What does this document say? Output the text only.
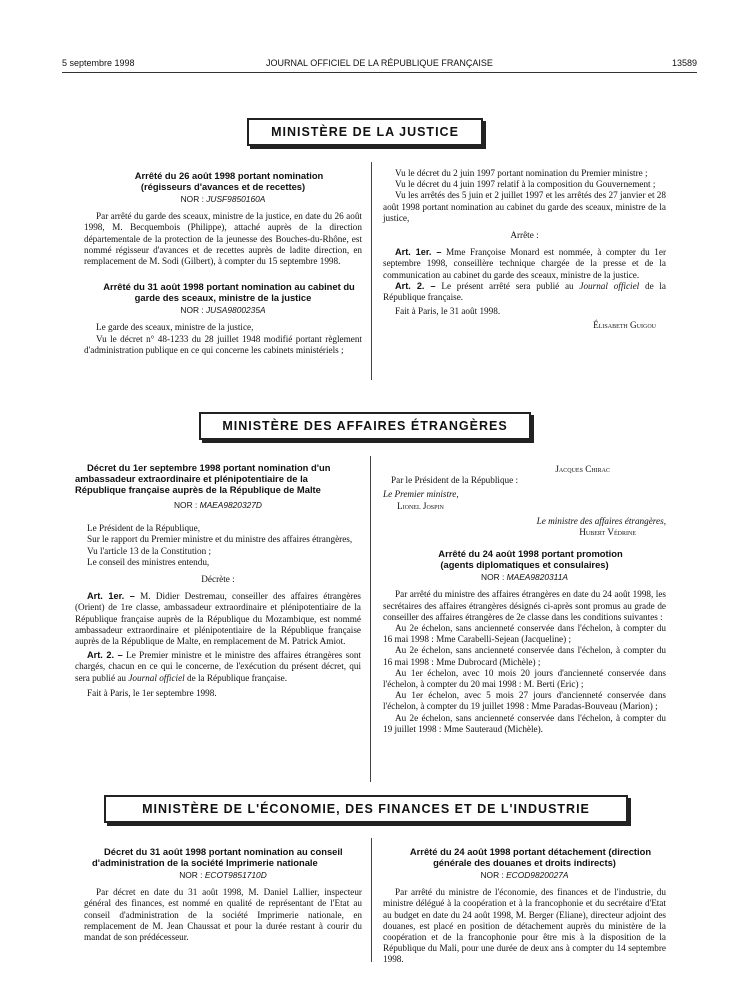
5 septembre 1998	JOURNAL OFFICIEL DE LA RÉPUBLIQUE FRANÇAISE	13589
MINISTÈRE DE LA JUSTICE

Arrêté du 26 août 1998 portant nomination (régisseurs d'avances et de recettes)

NOR : JUSF9850160A

Par arrêté du garde des sceaux, ministre de la justice, en date du 26 août 1998, M. Becquembois (Philippe), attaché auprès de la direction départementale de la protection de la jeunesse des Bouches-du-Rhône, est nommé régisseur d'avances et de recettes auprès de ladite direction, en remplacement de M. Sodi (Gilbert), à compter du 15 septembre 1998.

Arrêté du 31 août 1998 portant nomination au cabinet du garde des sceaux, ministre de la justice

NOR : JUSA9800235A

Le garde des sceaux, ministre de la justice,

Vu le décret n° 48-1233 du 28 juillet 1948 modifié portant règlement d'administration publique en ce qui concerne les cabinets ministériels ;

Vu le décret du 2 juin 1997 portant nomination du Premier ministre ;

Vu le décret du 4 juin 1997 relatif à la composition du Gouvernement ;

Vu les arrêtés des 5 juin et 2 juillet 1997 et les arrêtés des 27 janvier et 28 août 1998 portant nomination au cabinet du garde des sceaux, ministre de la justice,

Arrête :

Art. 1er. – Mme Françoise Monard est nommée, à compter du 1er septembre 1998, conseillère technique chargée de la presse et de la communication au cabinet du garde des sceaux, ministre de la justice.

Art. 2. – Le présent arrêté sera publié au Journal officiel de la République française.

Fait à Paris, le 31 août 1998.

Élisabeth Guigou

MINISTÈRE DES AFFAIRES ÉTRANGÈRES

Décret du 1er septembre 1998 portant nomination d'un ambassadeur extraordinaire et plénipotentiaire de la République française auprès de la République de Malte

NOR : MAEA9820327D

Le Président de la République,

Sur le rapport du Premier ministre et du ministre des affaires étrangères,

Vu l'article 13 de la Constitution ;

Le conseil des ministres entendu,

Décrète :

Art. 1er. – M. Didier Destremau, conseiller des affaires étrangères (Orient) de 1re classe, ambassadeur extraordinaire et plénipotentiaire de la République française auprès de la République du Mozambique, est nommé ambassadeur extraordinaire et plénipotentiaire de la République française auprès de la République de Malte, en remplacement de M. Patrick Amiot.

Art. 2. – Le Premier ministre et le ministre des affaires étrangères sont chargés, chacun en ce qui le concerne, de l'exécution du présent décret, qui sera publié au Journal officiel de la République française.

Fait à Paris, le 1er septembre 1998.

Jacques Chirac

Par le Président de la République :

Le Premier ministre,

Lionel Jospin

Le ministre des affaires étrangères,

Hubert Védrine

Arrêté du 24 août 1998 portant promotion (agents diplomatiques et consulaires)

NOR : MAEA9820311A

Par arrêté du ministre des affaires étrangères en date du 24 août 1998, les secrétaires des affaires étrangères désignés ci-après sont promus au grade de conseiller des affaires étrangères de 2e classe dans les conditions suivantes :

Au 2e échelon, sans ancienneté conservée dans l'échelon, à compter du 16 mai 1998 : Mme Carabelli-Sejean (Jacqueline) ;

Au 2e échelon, sans ancienneté conservée dans l'échelon, à compter du 16 mai 1998 : Mme Dubrocard (Michèle) ;

Au 1er échelon, avec 10 mois 20 jours d'ancienneté conservée dans l'échelon, à compter du 20 mai 1998 : M. Berti (Eric) ;

Au 1er échelon, avec 5 mois 27 jours d'ancienneté conservée dans l'échelon, à compter du 19 juillet 1998 : Mme Paradas-Bouveau (Marion) ;

Au 2e échelon, sans ancienneté conservée dans l'échelon, à compter du 19 juillet 1998 : Mme Sauteraud (Michèle).

MINISTÈRE DE L'ÉCONOMIE, DES FINANCES ET DE L'INDUSTRIE

Décret du 31 août 1998 portant nomination au conseil d'administration de la société Imprimerie nationale

NOR : ECOT9851710D

Par décret en date du 31 août 1998, M. Daniel Lallier, inspecteur général des finances, est nommé en qualité de représentant de l'Etat au conseil d'administration de la société Imprimerie nationale, en remplacement de M. Jean Chaussat et pour la durée restant à courir du mandat de son prédécesseur.

Arrêté du 24 août 1998 portant détachement (direction générale des douanes et droits indirects)

NOR : ECOD9820027A

Par arrêté du ministre de l'économie, des finances et de l'industrie, du ministre délégué à la coopération et à la francophonie et du secrétaire d'Etat au budget en date du 24 août 1998, M. Berger (Eliane), directeur adjoint des douanes, est placé en position de détachement auprès du ministère de la coopération et de la francophonie pour être mis à la disposition de la République du Mali, pour une durée de deux ans à compter du 14 septembre 1998.
